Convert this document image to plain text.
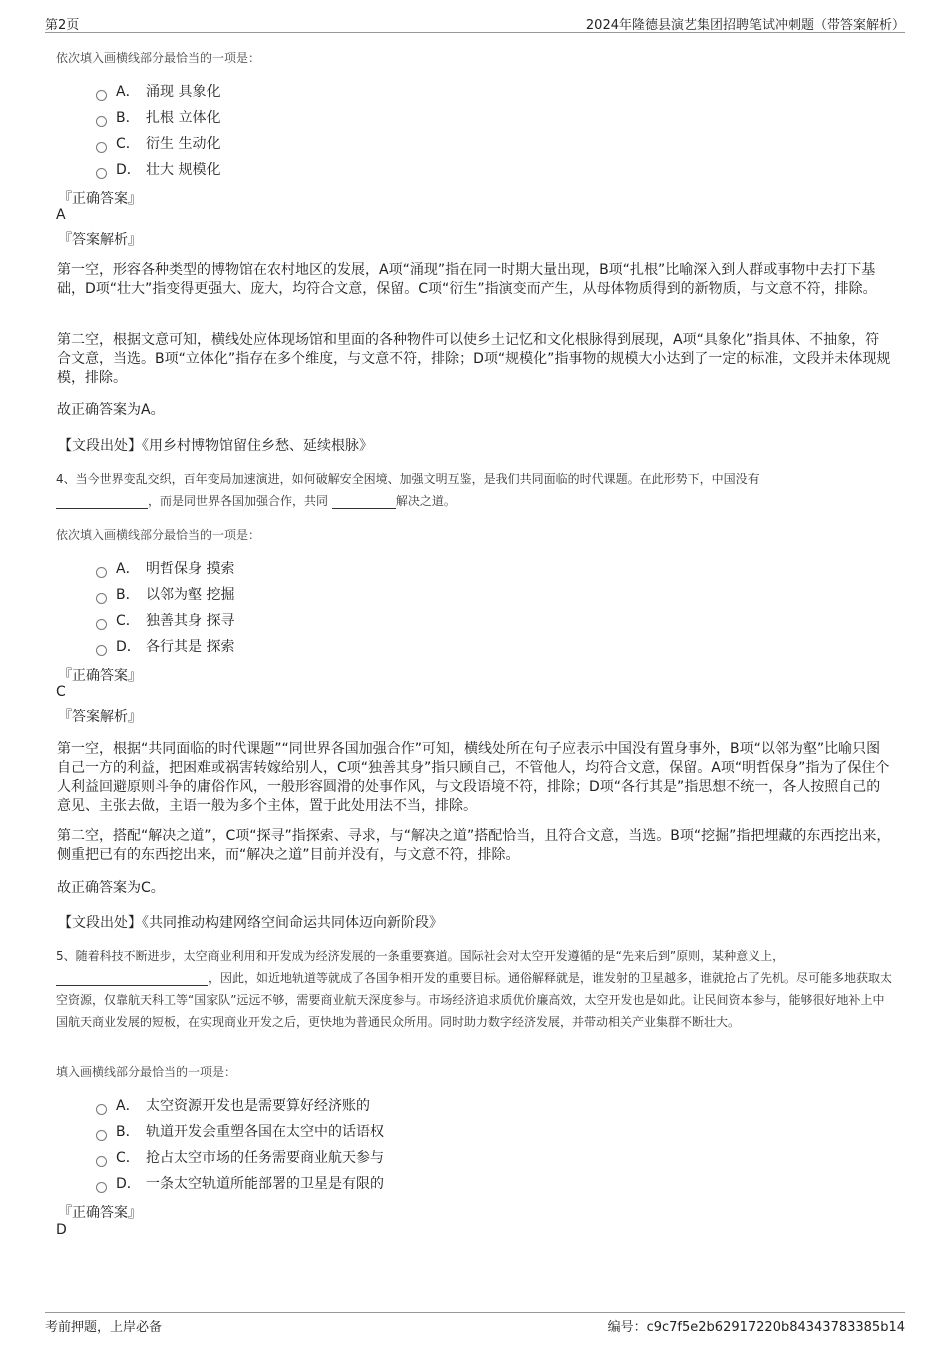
第2页	2024年隆德县演艺集团招聘笔试冲刺题（带答案解析）
依次填入画横线部分最恰当的一项是：
A． 涌现 具象化
B． 扎根 立体化
C． 衍生 生动化
D． 壮大 规模化
『正确答案』
A
『答案解析』
第一空，形容各种类型的博物馆在农村地区的发展，A项“涌现”指在同一时期大量出现，B项“扎根”比喻深入到人群或事物中去打下基础，D项“壮大”指变得更强大、庞大，均符合文意，保留。C项“衍生”指演变而产生，从母体物质得到的新物质，与文意不符，排除。
第二空，根据文意可知，横线处应体现场馆和里面的各种物件可以使乡土记忆和文化根脉得到展现，A项“具象化”指具体、不抽象，符合文意，当选。B项“立体化”指存在多个维度，与文意不符，排除；D项“规模化”指事物的规模大小达到了一定的标准，文段并未体现规模，排除。
故正确答案为A。
【文段出处】《用乡村博物馆留住乡愁、延续根脉》
4、当今世界变乱交织，百年变局加速演进，如何破解安全困境、加强文明互鉴，是我们共同面临的时代课题。在此形势下，中国没有
，而是同世界各国加强合作，共同	解决之道。
依次填入画横线部分最恰当的一项是：
A． 明哲保身 摸索
B． 以邻为壑 挖掘
C． 独善其身 探寻
D． 各行其是 探索
『正确答案』
C
『答案解析』
第一空，根据“共同面临的时代课题”“同世界各国加强合作”可知，横线处所在句子应表示中国没有置身事外，B项“以邻为壑”比喻只图自己一方的利益，把困难或祸害转嫁给别人，C项“独善其身”指只顾自己，不管他人，均符合文意，保留。A项“明哲保身”指为了保住个人利益回避原则斗争的庸俗作风，一般形容圆滑的处事作风，与文段语境不符，排除；D项“各行其是”指思想不统一，各人按照自己的意见、主张去做，主语一般为多个主体，置于此处用法不当，排除。
第二空，搭配“解决之道”，C项“探寻”指探索、寻求，与“解决之道”搭配恰当，且符合文意，当选。B项“挖掘”指把埋藏的东西挖出来，侧重把已有的东西挖出来，而“解决之道”目前并没有，与文意不符，排除。
故正确答案为C。
【文段出处】《共同推动构建网络空间命运共同体迈向新阶段》
5、随着科技不断进步，太空商业利用和开发成为经济发展的一条重要赛道。国际社会对太空开发遵循的是“先来后到”原则，某种意义上，
，因此，如近地轨道等就成了各国争相开发的重要目标。通俗解释就是，谁发射的卫星越多，谁就抢占了先机。尽可能多地获取太空资源，仅靠航天科工等“国家队”远远不够，需要商业航天深度参与。市场经济追求质优价廉高效，太空开发也是如此。让民间资本参与，能够很好地补上中国航天商业发展的短板，在实现商业开发之后，更快地为普通民众所用。同时助力数字经济发展，并带动相关产业集群不断壮大。
填入画横线部分最恰当的一项是：
A． 太空资源开发也是需要算好经济账的
B． 轨道开发会重塑各国在太空中的话语权
C． 抢占太空市场的任务需要商业航天参与
D． 一条太空轨道所能部署的卫星是有限的
『正确答案』
D
考前押题，上岸必备	编号：c9c7f5e2b62917220b84343783385b14
